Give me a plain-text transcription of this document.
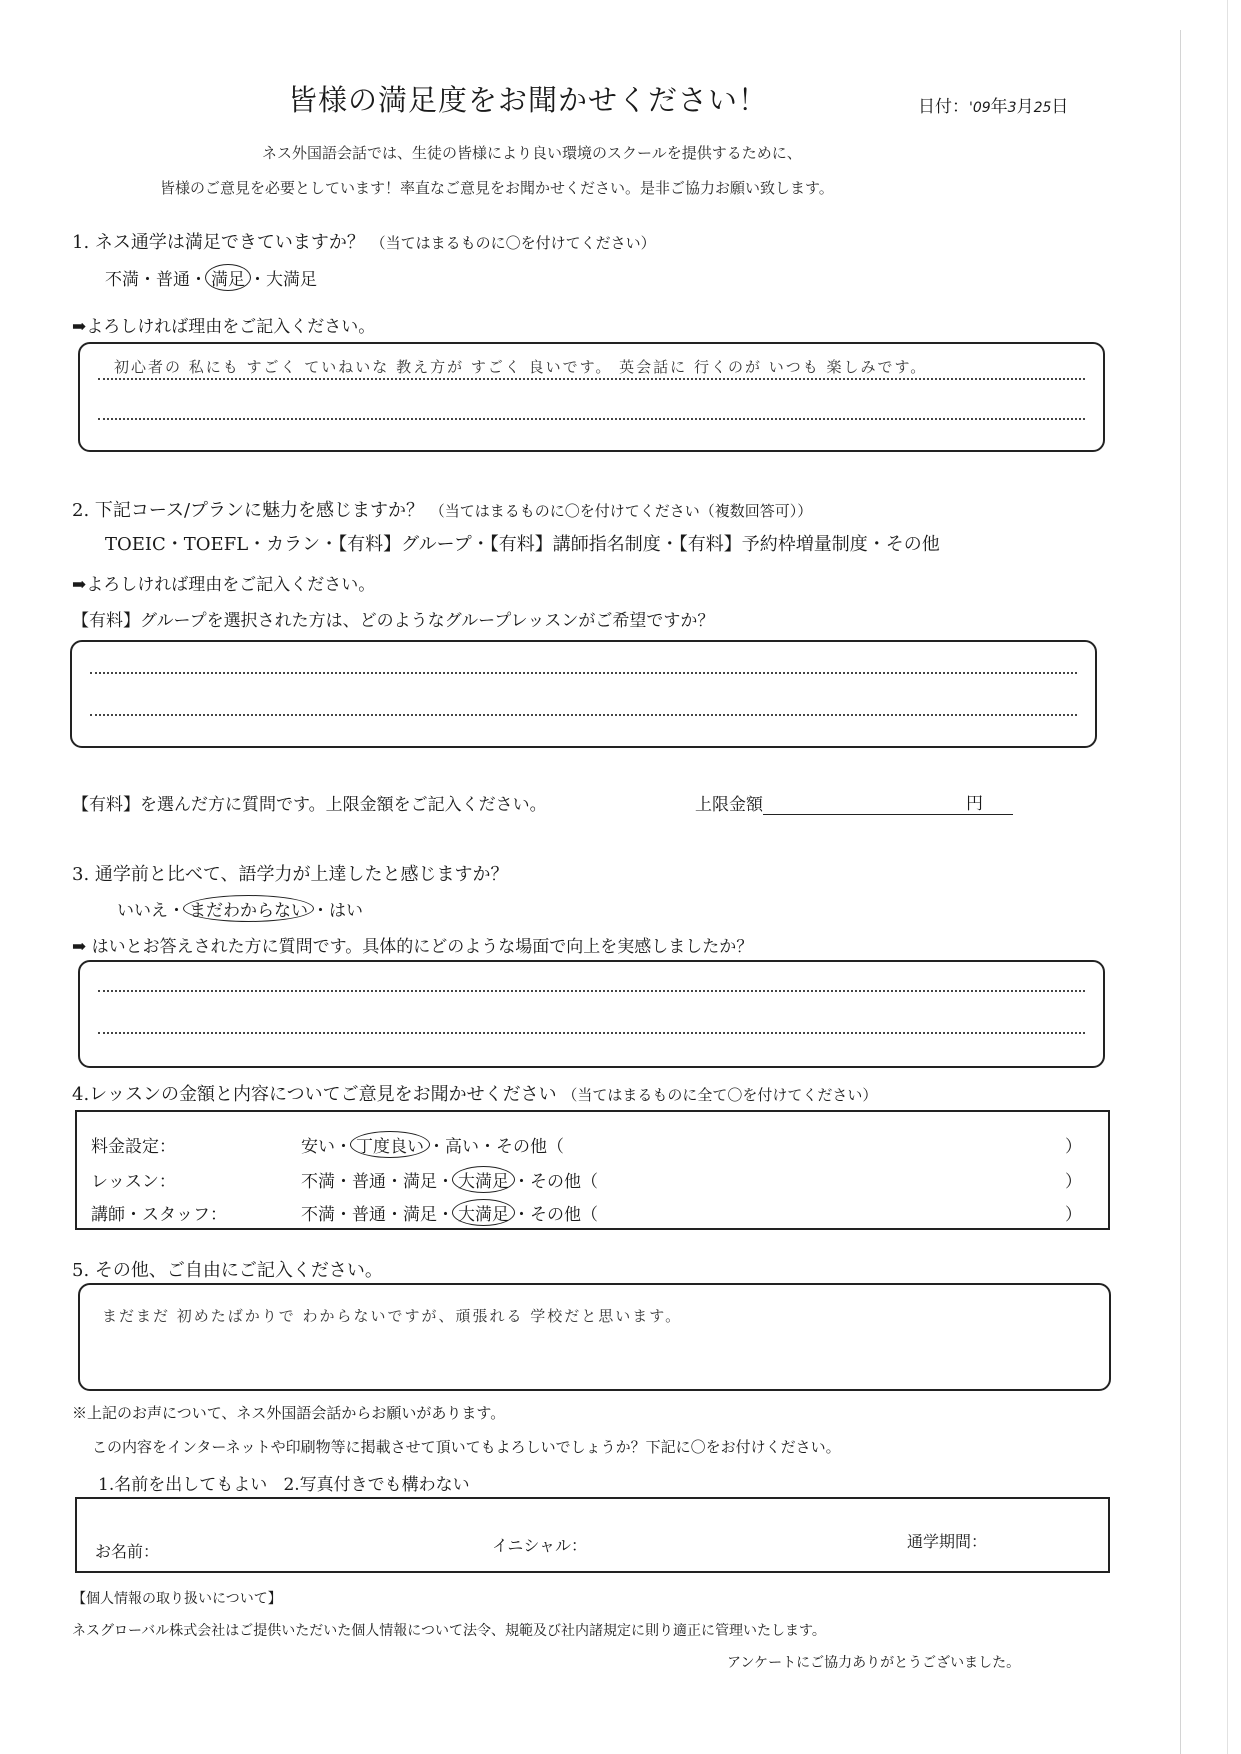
皆様の満足度をお聞かせください！	日付：'09年3月25日
ネス外国語会話では、生徒の皆様により良い環境のスクールを提供するために、
皆様のご意見を必要としています！率直なご意見をお聞かせください。是非ご協力お願い致します。
1. ネス通学は満足できていますか？ （当てはまるものに〇を付けてください）
不満・普通・ 満足 ・大満足
➡よろしければ理由をご記入ください。
初心者の 私にも すごく ていねいな 教え方が すごく 良いです。 英会話に 行くのが いつも 楽しみです。
2. 下記コース/プランに魅力を感じますか？ （当てはまるものに〇を付けてください（複数回答可））
TOEIC・TOEFL・カラン・【有料】グループ・【有料】講師指名制度・【有料】予約枠増量制度・その他
➡よろしければ理由をご記入ください。
【有料】グループを選択された方は、どのようなグループレッスンがご希望ですか？
【有料】を選んだ方に質問です。上限金額をご記入ください。	上限金額	円
3. 通学前と比べて、語学力が上達したと感じますか？
いいえ・ まだわからない ・はい
➡ はいとお答えされた方に質問です。具体的にどのような場面で向上を実感しましたか？
4.レッスンの金額と内容についてご意見をお聞かせください （当てはまるものに全て〇を付けてください）
料金設定：	安い・ 丁度良い ・高い・その他（	）
レッスン：	不満・普通・満足・ 大満足 ・その他（	）
講師・スタッフ：	不満・普通・満足・ 大満足 ・その他（	）
5. その他、ご自由にご記入ください。
まだまだ 初めたばかりで わからないですが、頑張れる 学校だと思います。
※上記のお声について、ネス外国語会話からお願いがあります。
この内容をインターネットや印刷物等に掲載させて頂いてもよろしいでしょうか？下記に〇をお付けください。
1.名前を出してもよい 2.写真付きでも構わない
お名前：	イニシャル：	通学期間：
【個人情報の取り扱いについて】
ネスグローバル株式会社はご提供いただいた個人情報について法令、規範及び社内諸規定に則り適正に管理いたします。
アンケートにご協力ありがとうございました。
